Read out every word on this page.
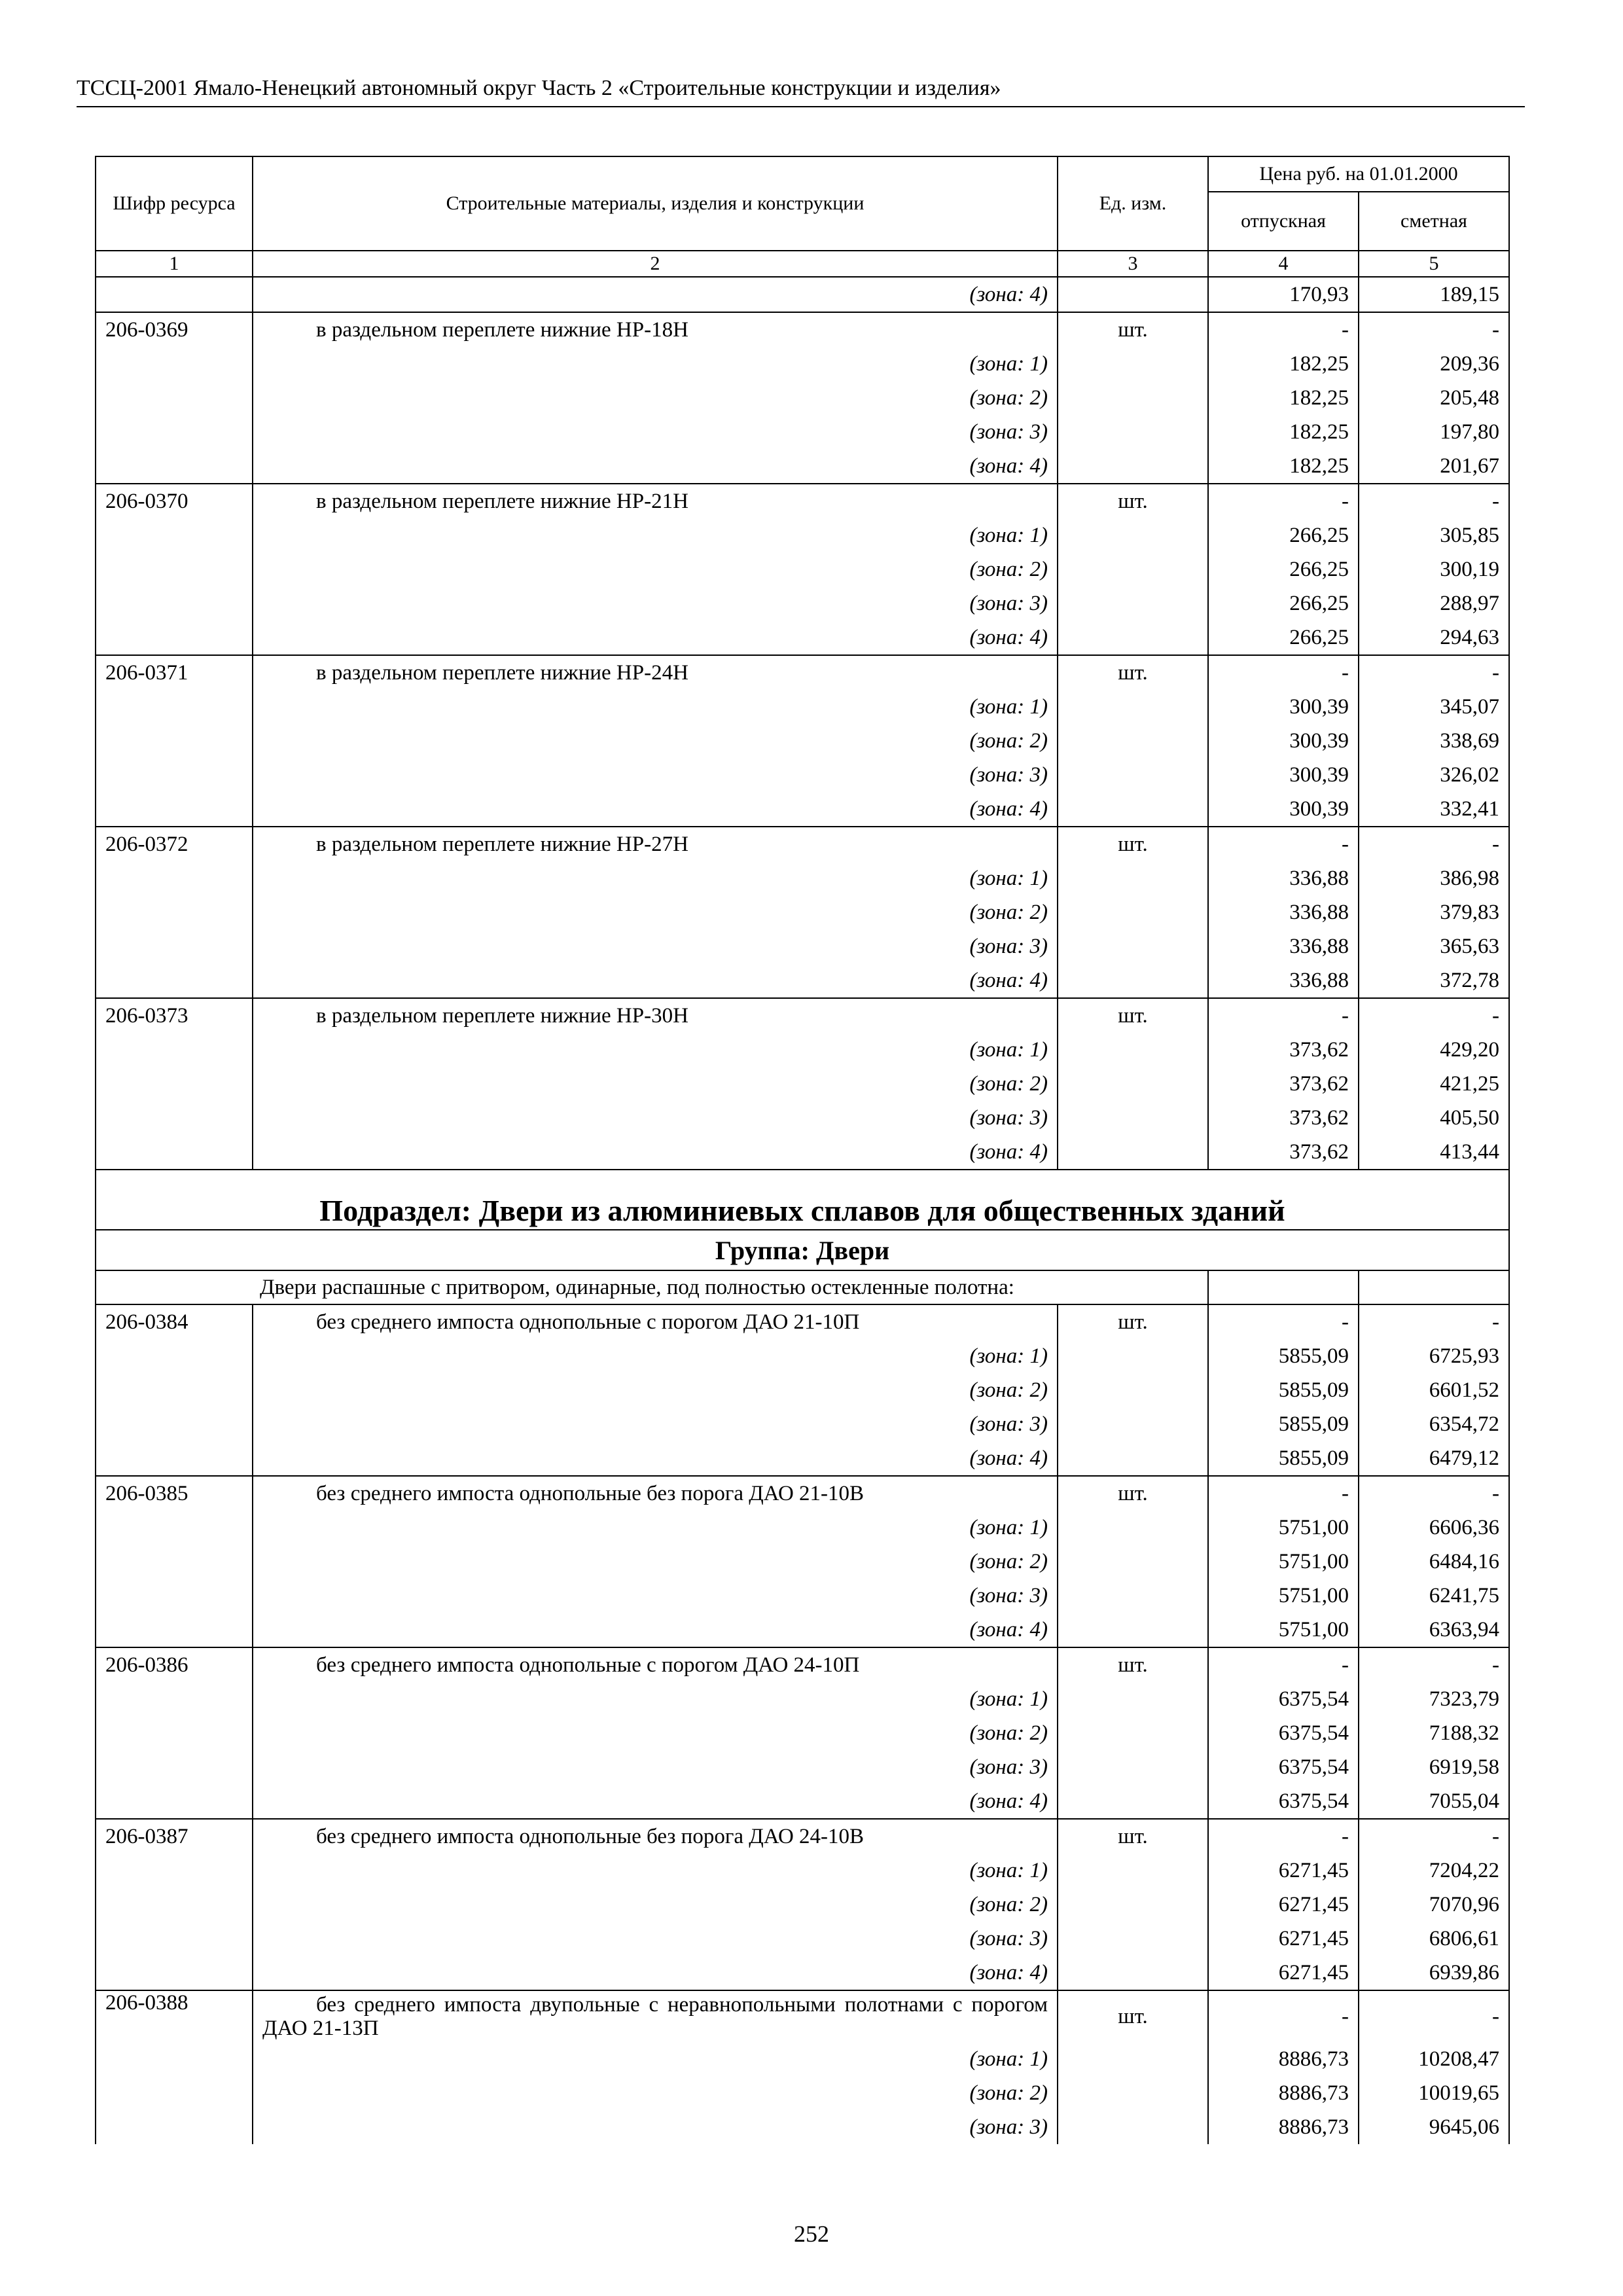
ТССЦ-2001 Ямало-Ненецкий автономный округ Часть 2 «Строительные конструкции и изделия»
Шифр ресурса	Строительные материалы, изделия и конструкции	Ед. изм.	Цена руб. на 01.01.2000	
			отпускная	сметная
1	2	3	4	5
	(зона: 4)		170,93	189,15
206-0369	в раздельном переплете нижние НР-18Н	шт.	-	-
	(зона: 1)		182,25	209,36
	(зона: 2)		182,25	205,48
	(зона: 3)		182,25	197,80
	(зона: 4)		182,25	201,67
206-0370	в раздельном переплете нижние НР-21Н	шт.	-	-
	(зона: 1)		266,25	305,85
	(зона: 2)		266,25	300,19
	(зона: 3)		266,25	288,97
	(зона: 4)		266,25	294,63
206-0371	в раздельном переплете нижние НР-24Н	шт.	-	-
	(зона: 1)		300,39	345,07
	(зона: 2)		300,39	338,69
	(зона: 3)		300,39	326,02
	(зона: 4)		300,39	332,41
206-0372	в раздельном переплете нижние НР-27Н	шт.	-	-
	(зона: 1)		336,88	386,98
	(зона: 2)		336,88	379,83
	(зона: 3)		336,88	365,63
	(зона: 4)		336,88	372,78
206-0373	в раздельном переплете нижние НР-30Н	шт.	-	-
	(зона: 1)		373,62	429,20
	(зона: 2)		373,62	421,25
	(зона: 3)		373,62	405,50
	(зона: 4)		373,62	413,44
Подраздел: Двери из алюминиевых сплавов для общественных зданий				
Группа: Двери				
Двери распашные с притвором, одинарные, под полностью остекленные полотна:				
206-0384	без среднего импоста однопольные с порогом ДАО 21-10П	шт.	-	-
	(зона: 1)		5855,09	6725,93
	(зона: 2)		5855,09	6601,52
	(зона: 3)		5855,09	6354,72
	(зона: 4)		5855,09	6479,12
206-0385	без среднего импоста однопольные без порога ДАО 21-10В	шт.	-	-
	(зона: 1)		5751,00	6606,36
	(зона: 2)		5751,00	6484,16
	(зона: 3)		5751,00	6241,75
	(зона: 4)		5751,00	6363,94
206-0386	без среднего импоста однопольные с порогом ДАО 24-10П	шт.	-	-
	(зона: 1)		6375,54	7323,79
	(зона: 2)		6375,54	7188,32
	(зона: 3)		6375,54	6919,58
	(зона: 4)		6375,54	7055,04
206-0387	без среднего импоста однопольные без порога ДАО 24-10В	шт.	-	-
	(зона: 1)		6271,45	7204,22
	(зона: 2)		6271,45	7070,96
	(зона: 3)		6271,45	6806,61
	(зона: 4)		6271,45	6939,86
206-0388	без среднего импоста двупольные с неравнопольными полотнами с порогом ДАО 21-13П	шт.	-	-
	(зона: 1)		8886,73	10208,47
	(зона: 2)		8886,73	10019,65
	(зона: 3)		8886,73	9645,06
252
